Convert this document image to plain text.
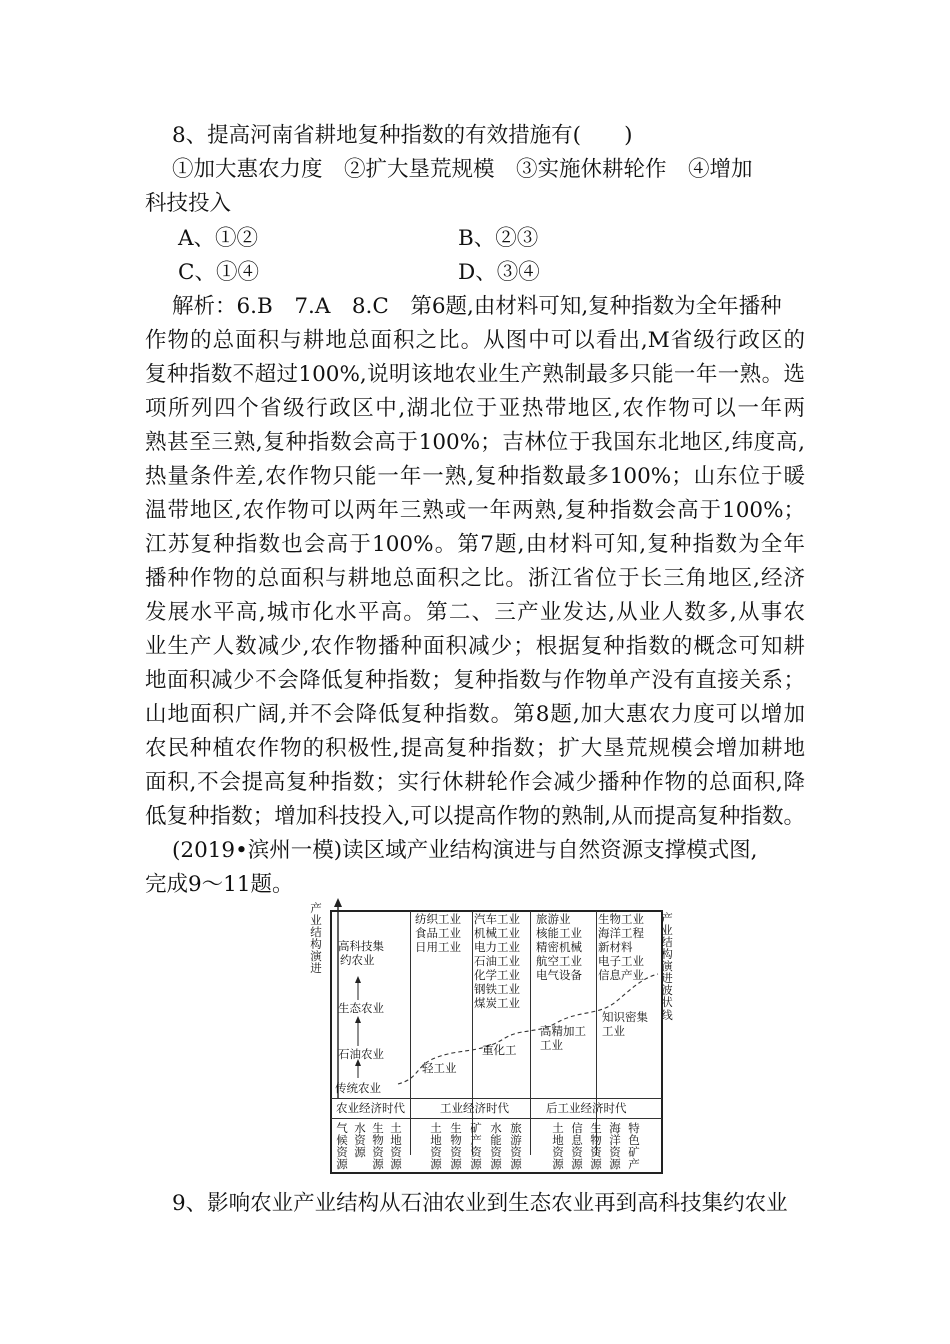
8、提高河南省耕地复种指数的有效措施有(　　)
①加大惠农力度　②扩大垦荒规模　③实施休耕轮作　④增加
科技投入
A、①②	B、②③
C、①④	D、③④
解析：6.B　7.A　8.C　第6题,由材料可知,复种指数为全年播种
作物的总面积与耕地总面积之比。从图中可以看出,M省级行政区的
复种指数不超过100%,说明该地农业生产熟制最多只能一年一熟。选
项所列四个省级行政区中,湖北位于亚热带地区,农作物可以一年两
熟甚至三熟,复种指数会高于100%；吉林位于我国东北地区,纬度高,
热量条件差,农作物只能一年一熟,复种指数最多100%；山东位于暖
温带地区,农作物可以两年三熟或一年两熟,复种指数会高于100%；
江苏复种指数也会高于100%。第7题,由材料可知,复种指数为全年
播种作物的总面积与耕地总面积之比。浙江省位于长三角地区,经济
发展水平高,城市化水平高。第二、三产业发达,从业人数多,从事农
业生产人数减少,农作物播种面积减少；根据复种指数的概念可知耕
地面积减少不会降低复种指数；复种指数与作物单产没有直接关系；
山地面积广阔,并不会降低复种指数。第8题,加大惠农力度可以增加
农民种植农作物的积极性,提高复种指数；扩大垦荒规模会增加耕地
面积,不会提高复种指数；实行休耕轮作会减少播种作物的总面积,降
低复种指数；增加科技投入,可以提高作物的熟制,从而提高复种指数。
(2019•滨州一模)读区域产业结构演进与自然资源支撑模式图,
完成9～11题。
产业结构演进
高科技集
约农业
生态农业
石油农业
传统农业
纺织工业
食品工业
日用工业
轻工业
汽车工业
机械工业
电力工业
石油工业
化学工业
钢铁工业
煤炭工业
重化工
旅游业
核能工业
精密机械
航空工业
电气设备
高精加工
工业
生物工业
海洋工程
新材料
电子工业
信息产业
知识密集
工业
产业结构演进波状线
农业经济时代	工业经济时代	后工业经济时代
气候资源
水资源
生物资源
土地资源
土地资源
生物资源
矿产资源
水能资源
旅游资源
土地资源
信息资源
生物资源
海洋资源
特色矿产
9、影响农业产业结构从石油农业到生态农业再到高科技集约农业
